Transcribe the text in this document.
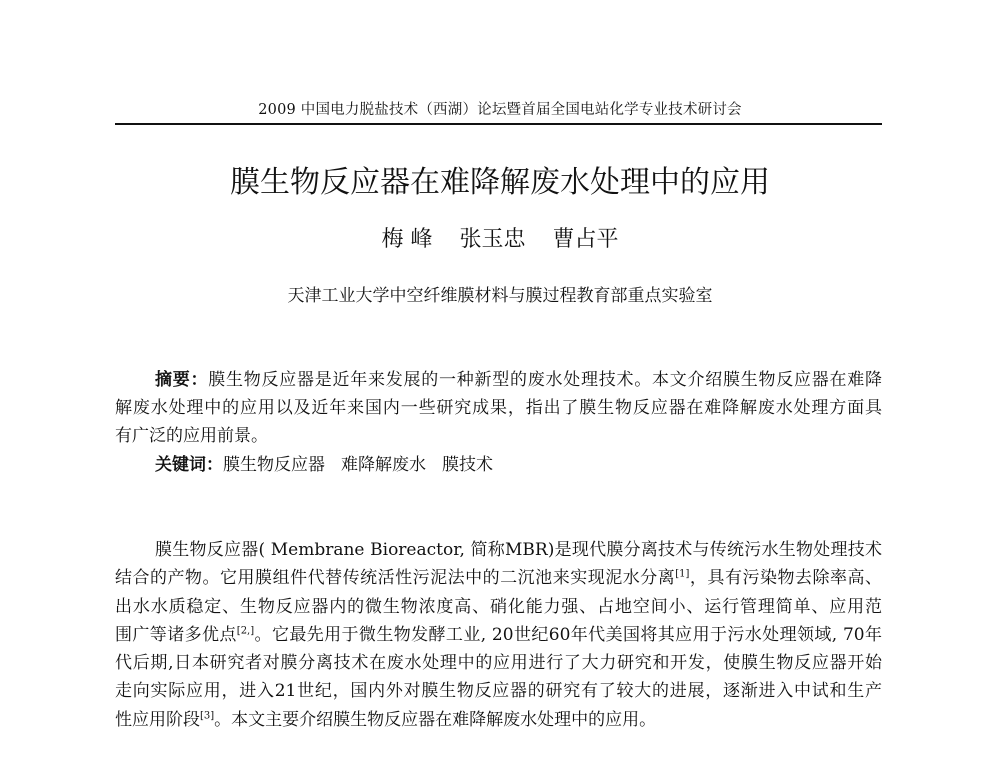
2009 中国电力脱盐技术（西湖）论坛暨首届全国电站化学专业技术研讨会
膜生物反应器在难降解废水处理中的应用
梅 峰 张玉忠 曹占平
天津工业大学中空纤维膜材料与膜过程教育部重点实验室
摘要：膜生物反应器是近年来发展的一种新型的废水处理技术。本文介绍膜生物反应器在难降
解废水处理中的应用以及近年来国内一些研究成果，指出了膜生物反应器在难降解废水处理方面具
有广泛的应用前景。
关键词：膜生物反应器 难降解废水 膜技术
膜生物反应器( Membrane Bioreactor, 简称MBR)是现代膜分离技术与传统污水生物处理技术
结合的产物。它用膜组件代替传统活性污泥法中的二沉池来实现泥水分离[1]，具有污染物去除率高、
出水水质稳定、生物反应器内的微生物浓度高、硝化能力强、占地空间小、运行管理简单、应用范
围广等诸多优点[2,]。它最先用于微生物发酵工业, 20世纪60年代美国将其应用于污水处理领域, 70年
代后期,日本研究者对膜分离技术在废水处理中的应用进行了大力研究和开发，使膜生物反应器开始
走向实际应用，进入21世纪，国内外对膜生物反应器的研究有了较大的进展，逐渐进入中试和生产
性应用阶段[3]。本文主要介绍膜生物反应器在难降解废水处理中的应用。
